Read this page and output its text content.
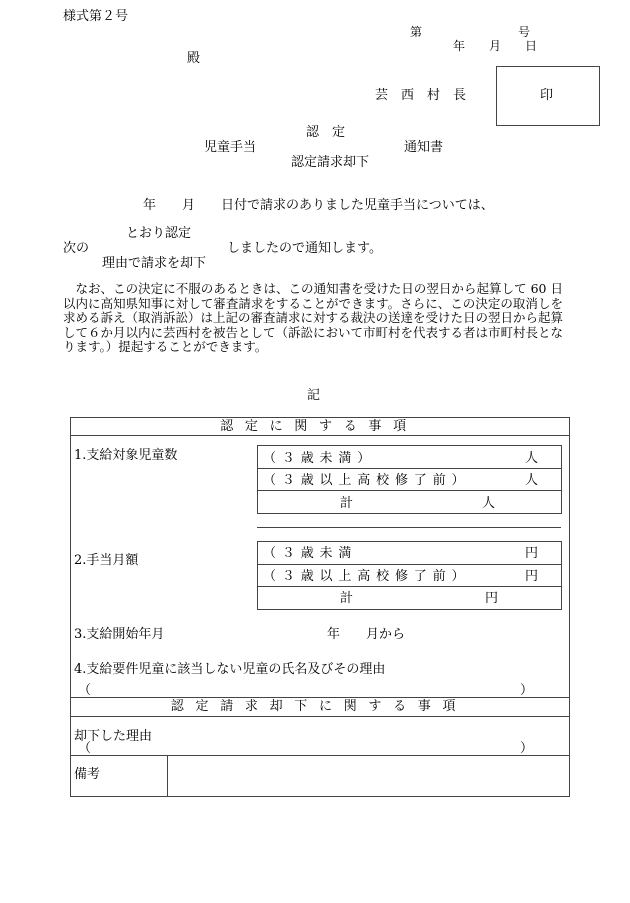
様式第２号
第　　　　　　　　号
年　　月　　日
殿
芸　西　村　長	印
認　定
児童手当	通知書
認定請求却下
年　　月　　日付で請求のありました児童手当については、
とおり認定
次の	しましたので通知します。
理由で請求を却下
なお、この決定に不服のあるときは、この通知書を受けた日の翌日から起算して 60 日以内に高知県知事に対して審査請求をすることができます。さらに、この決定の取消しを求める訴え（取消訴訟）は上記の審査請求に対する裁決の送達を受けた日の翌日から起算して６か月以内に芸西村を被告として（訴訟において市町村を代表する者は市町村長となります。）提起することができます。
記
認定に関する事項
1.支給対象児童数	（３歳未満）	人
（３歳以上高校修了前）	人
計	人
2.手当月額	（３歳未満	円
（３歳以上高校修了前）	円
計	円
3.支給開始年月	年　　月から
4.支給要件児童に該当しない児童の氏名及びその理由
（	）
認定請求却下に関する事項
却下した理由
（	）
備考
